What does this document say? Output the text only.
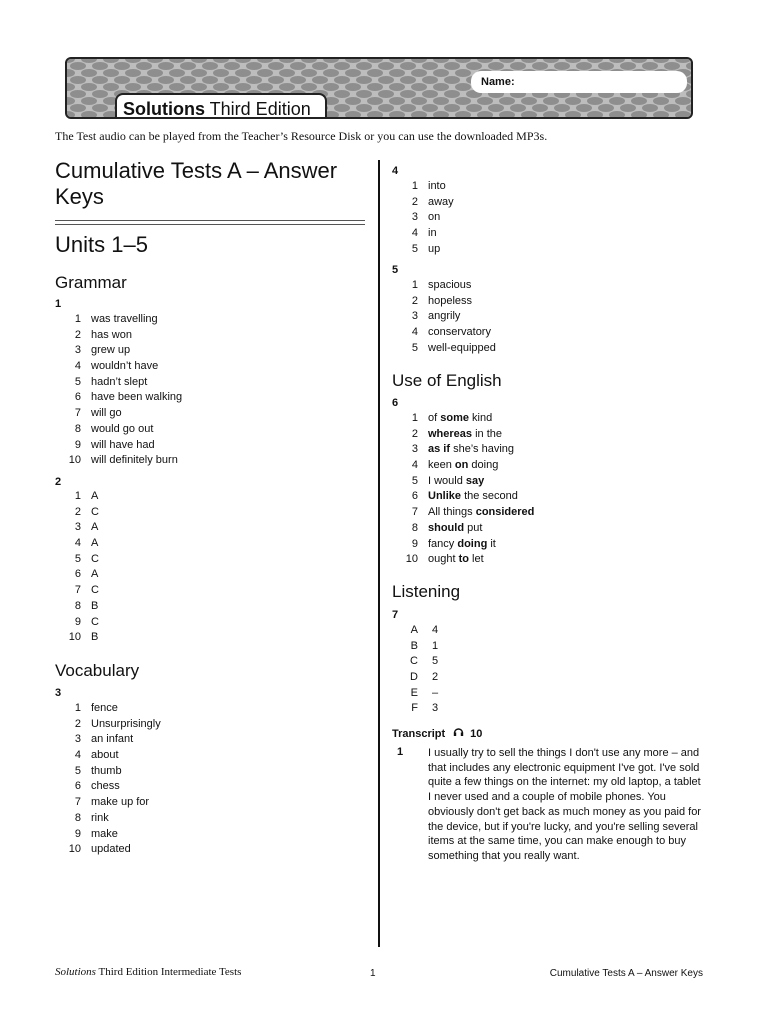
Name:
Solutions Third Edition
The Test audio can be played from the Teacher’s Resource Disk or you can use the downloaded MP3s.
Cumulative Tests A – Answer Keys
Units 1–5
Grammar
1
1 was travelling
2 has won
3 grew up
4 wouldn’t have
5 hadn’t slept
6 have been walking
7 will go
8 would go out
9 will have had
10 will definitely burn
2
1 A
2 C
3 A
4 A
5 C
6 A
7 C
8 B
9 C
10 B
Vocabulary
3
1 fence
2 Unsurprisingly
3 an infant
4 about
5 thumb
6 chess
7 make up for
8 rink
9 make
10 updated
4
1 into
2 away
3 on
4 in
5 up
5
1 spacious
2 hopeless
3 angrily
4 conservatory
5 well-equipped
Use of English
6
1 of some kind
2 whereas in the
3 as if she’s having
4 keen on doing
5 I would say
6 Unlike the second
7 All things considered
8 should put
9 fancy doing it
10 ought to let
Listening
7
A 4
B 1
C 5
D 2
E –
F 3
Transcript 10
1 I usually try to sell the things I don't use any more – and that includes any electronic equipment I've got. I've sold quite a few things on the internet: my old laptop, a tablet I never used and a couple of mobile phones. You obviously don't get back as much money as you paid for the device, but if you're lucky, and you're selling several items at the same time, you can make enough to buy something that you really want.
Solutions Third Edition Intermediate Tests	1	Cumulative Tests A – Answer Keys
